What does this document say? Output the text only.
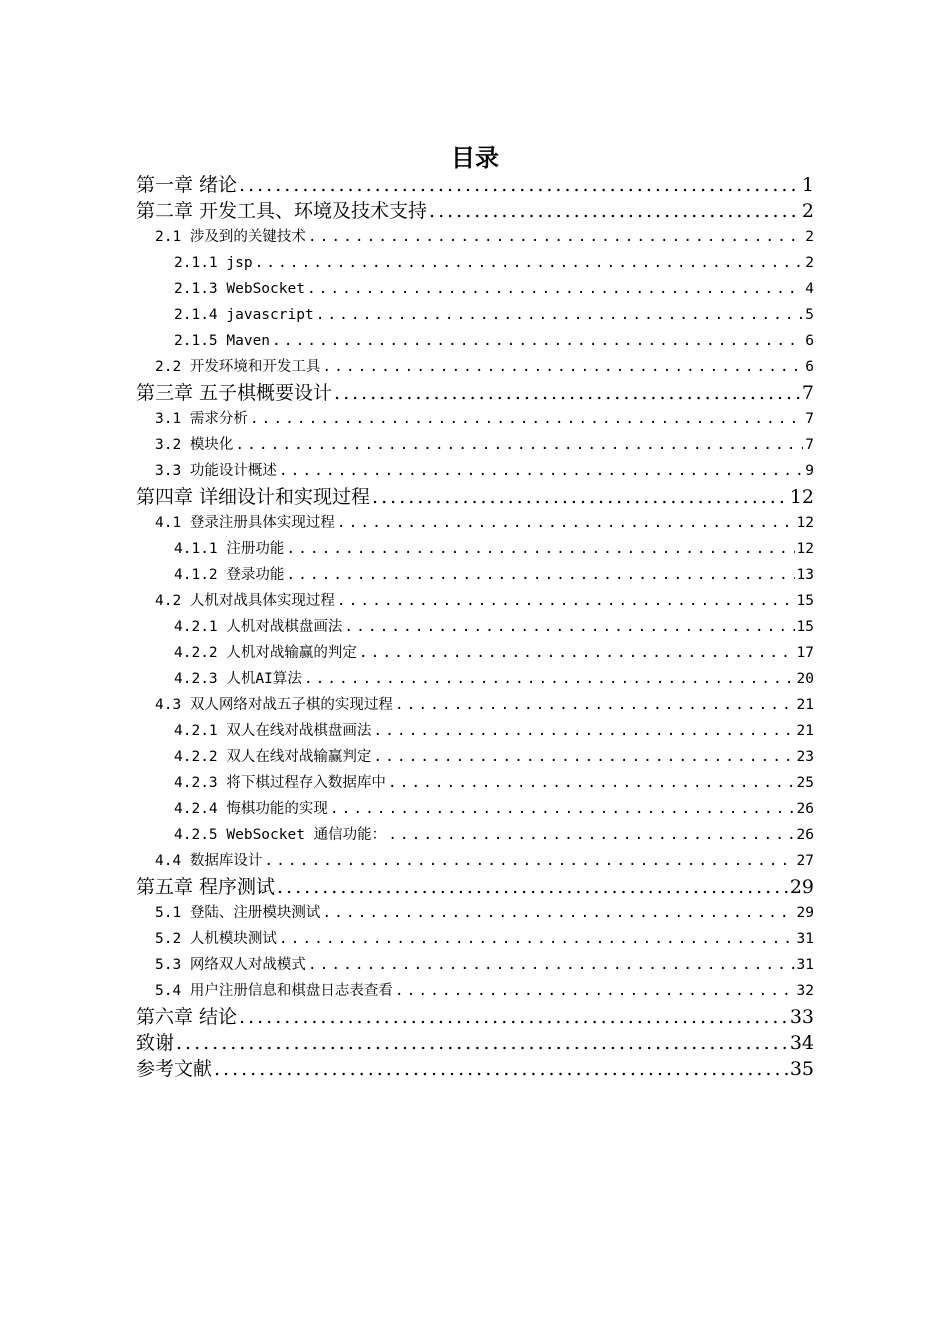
目录
第一章 绪论 .....	1
第二章 开发工具、环境及技术支持 .....	2
2.1 涉及到的关键技术 .....	2
2.1.1 jsp .....	2
2.1.3 WebSocket .....	4
2.1.4 javascript .....	5
2.1.5 Maven .....	6
2.2 开发环境和开发工具 .....	6
第三章 五子棋概要设计 .....	7
3.1 需求分析 .....	7
3.2 模块化 .....	7
3.3 功能设计概述 .....	9
第四章 详细设计和实现过程 .....	12
4.1 登录注册具体实现过程 .....	12
4.1.1 注册功能 .....	12
4.1.2 登录功能 .....	13
4.2 人机对战具体实现过程 .....	15
4.2.1 人机对战棋盘画法 .....	15
4.2.2 人机对战输赢的判定 .....	17
4.2.3 人机AI算法 .....	20
4.3 双人网络对战五子棋的实现过程 .....	21
4.2.1 双人在线对战棋盘画法 .....	21
4.2.2 双人在线对战输赢判定 .....	23
4.2.3 将下棋过程存入数据库中 .....	25
4.2.4 悔棋功能的实现 .....	26
4.2.5 WebSocket 通信功能： .....	26
4.4 数据库设计 .....	27
第五章 程序测试 .....	29
5.1 登陆、注册模块测试 .....	29
5.2 人机模块测试 .....	31
5.3 网络双人对战模式 .....	31
5.4 用户注册信息和棋盘日志表查看 .....	32
第六章 结论 .....	33
致谢 .....	34
参考文献 .....	35
